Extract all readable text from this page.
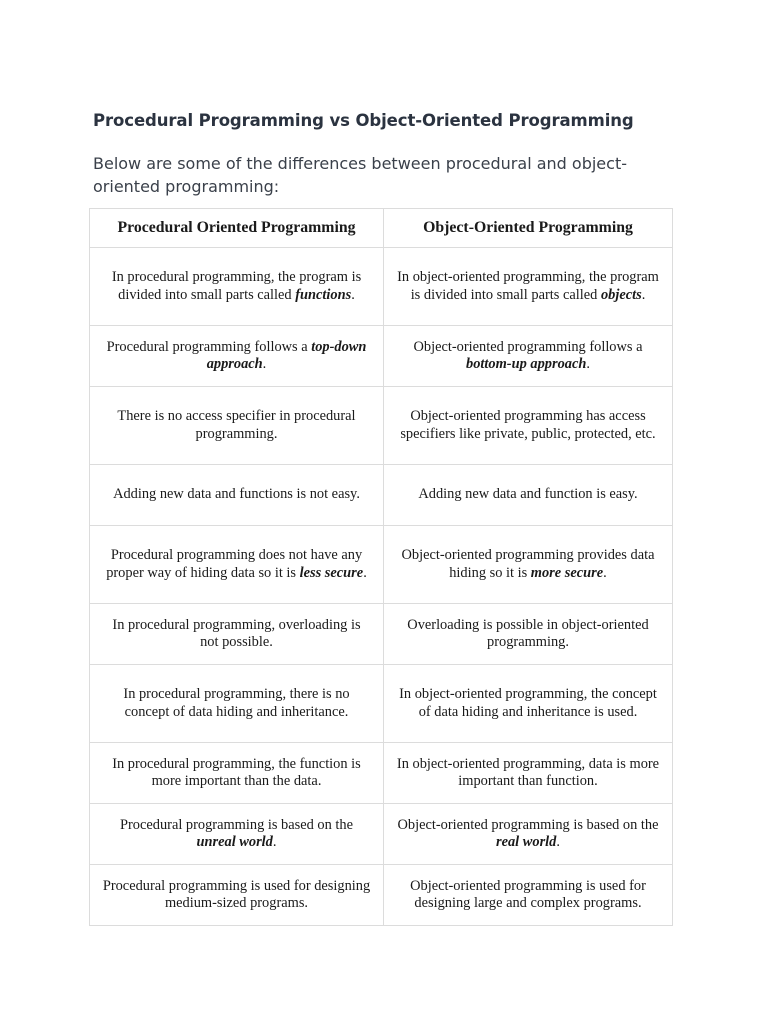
Procedural Programming vs Object-Oriented Programming

Below are some of the differences between procedural and object-oriented programming:

Procedural Oriented Programming	Object-Oriented Programming
In procedural programming, the program is divided into small parts called functions.	In object-oriented programming, the program is divided into small parts called objects.
Procedural programming follows a top-down approach.	Object-oriented programming follows a bottom-up approach.
There is no access specifier in procedural programming.	Object-oriented programming has access specifiers like private, public, protected, etc.
Adding new data and functions is not easy.	Adding new data and function is easy.
Procedural programming does not have any proper way of hiding data so it is less secure.	Object-oriented programming provides data hiding so it is more secure.
In procedural programming, overloading is not possible.	Overloading is possible in object-oriented programming.
In procedural programming, there is no concept of data hiding and inheritance.	In object-oriented programming, the concept of data hiding and inheritance is used.
In procedural programming, the function is more important than the data.	In object-oriented programming, data is more important than function.
Procedural programming is based on the unreal world.	Object-oriented programming is based on the real world.
Procedural programming is used for designing medium-sized programs.	Object-oriented programming is used for designing large and complex programs.
